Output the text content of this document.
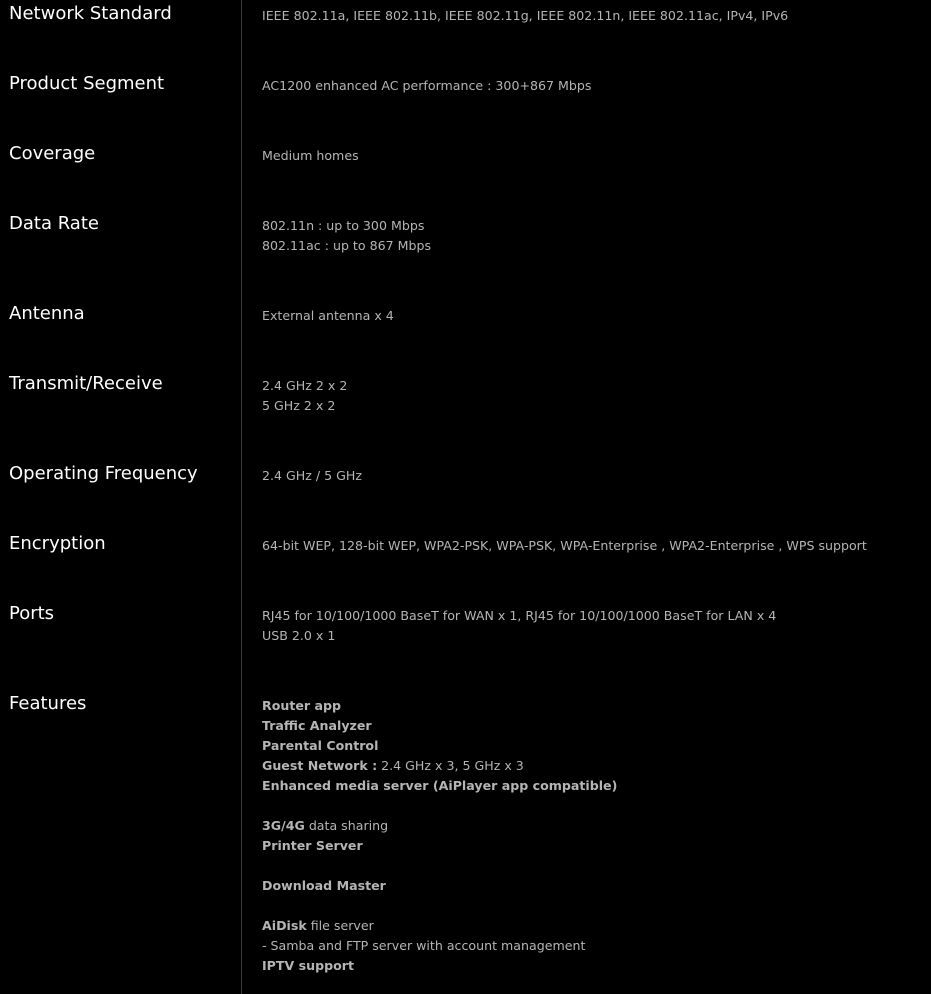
Network Standard	IEEE 802.11a, IEEE 802.11b, IEEE 802.11g, IEEE 802.11n, IEEE 802.11ac, IPv4, IPv6
Product Segment	AC1200 enhanced AC performance : 300+867 Mbps
Coverage	Medium homes
Data Rate	802.11n : up to 300 Mbps
802.11ac : up to 867 Mbps
Antenna	External antenna x 4
Transmit/Receive	2.4 GHz 2 x 2
5 GHz 2 x 2
Operating Frequency	2.4 GHz / 5 GHz
Encryption	64-bit WEP, 128-bit WEP, WPA2-PSK, WPA-PSK, WPA-Enterprise , WPA2-Enterprise , WPS support
Ports	RJ45 for 10/100/1000 BaseT for WAN x 1, RJ45 for 10/100/1000 BaseT for LAN x 4
USB 2.0 x 1
Features	Router app
Traffic Analyzer
Parental Control
Guest Network : 2.4 GHz x 3, 5 GHz x 3
Enhanced media server (AiPlayer app compatible)
3G/4G data sharing
Printer Server
Download Master
AiDisk file server
- Samba and FTP server with account management
IPTV support
